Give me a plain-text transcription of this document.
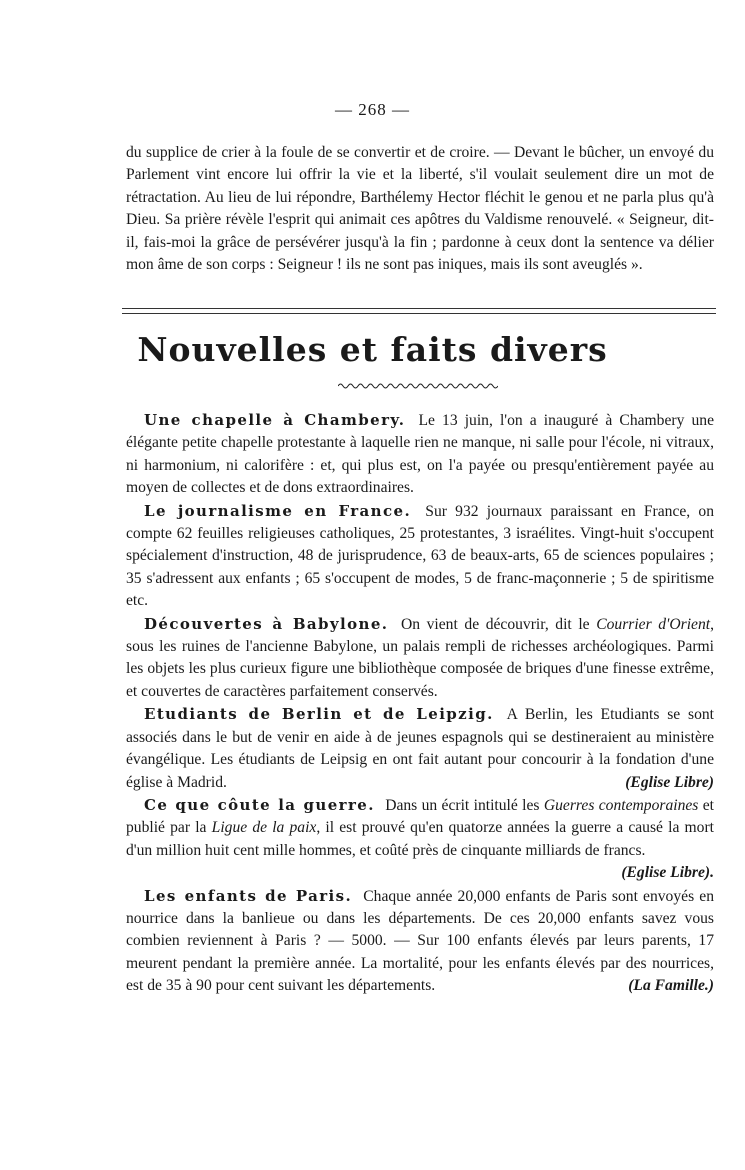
— 268 —

du supplice de crier à la foule de se convertir et de croire. — Devant le bûcher, un envoyé du Parlement vint encore lui offrir la vie et la liberté, s'il voulait seulement dire un mot de rétractation. Au lieu de lui répondre, Barthélemy Hector fléchit le genou et ne parla plus qu'à Dieu. Sa prière révèle l'esprit qui animait ces apôtres du Valdisme renouvelé. « Seigneur, dit-il, fais-moi la grâce de persévérer jusqu'à la fin ; pardonne à ceux dont la sentence va délier mon âme de son corps : Seigneur ! ils ne sont pas iniques, mais ils sont aveuglés ».

Nouvelles et faits divers

Une chapelle à Chambery. Le 13 juin, l'on a inauguré à Chambery une élégante petite chapelle protestante à laquelle rien ne manque, ni salle pour l'école, ni vitraux, ni harmonium, ni calorifère : et, qui plus est, on l'a payée ou presqu'entièrement payée au moyen de collectes et de dons extraordinaires.

Le journalisme en France. Sur 932 journaux paraissant en France, on compte 62 feuilles religieuses catholiques, 25 protestantes, 3 israélites. Vingt-huit s'occupent spécialement d'instruction, 48 de jurisprudence, 63 de beaux-arts, 65 de sciences populaires ; 35 s'adressent aux enfants ; 65 s'occupent de modes, 5 de franc-maçonnerie ; 5 de spiritisme etc.

Découvertes à Babylone. On vient de découvrir, dit le Courrier d'Orient, sous les ruines de l'ancienne Babylone, un palais rempli de richesses archéologiques. Parmi les objets les plus curieux figure une bibliothèque composée de briques d'une finesse extrême, et couvertes de caractères parfaitement conservés.

Etudiants de Berlin et de Leipzig. A Berlin, les Etudiants se sont associés dans le but de venir en aide à de jeunes espagnols qui se destineraient au ministère évangélique. Les étudiants de Leipsig en ont fait autant pour concourir à la fondation d'une église à Madrid.	(Eglise Libre)

Ce que côute la guerre. Dans un écrit intitulé les Guerres contemporaines et publié par la Ligue de la paix, il est prouvé qu'en quatorze années la guerre a causé la mort d'un million huit cent mille hommes, et coûté près de cinquante milliards de francs.
(Eglise Libre).

Les enfants de Paris. Chaque année 20,000 enfants de Paris sont envoyés en nourrice dans la banlieue ou dans les départements. De ces 20,000 enfants savez vous combien reviennent à Paris ? — 5000. — Sur 100 enfants élevés par leurs parents, 17 meurent pendant la première année. La mortalité, pour les enfants élevés par des nourrices, est de 35 à 90 pour cent suivant les départements.	(La Famille.)
